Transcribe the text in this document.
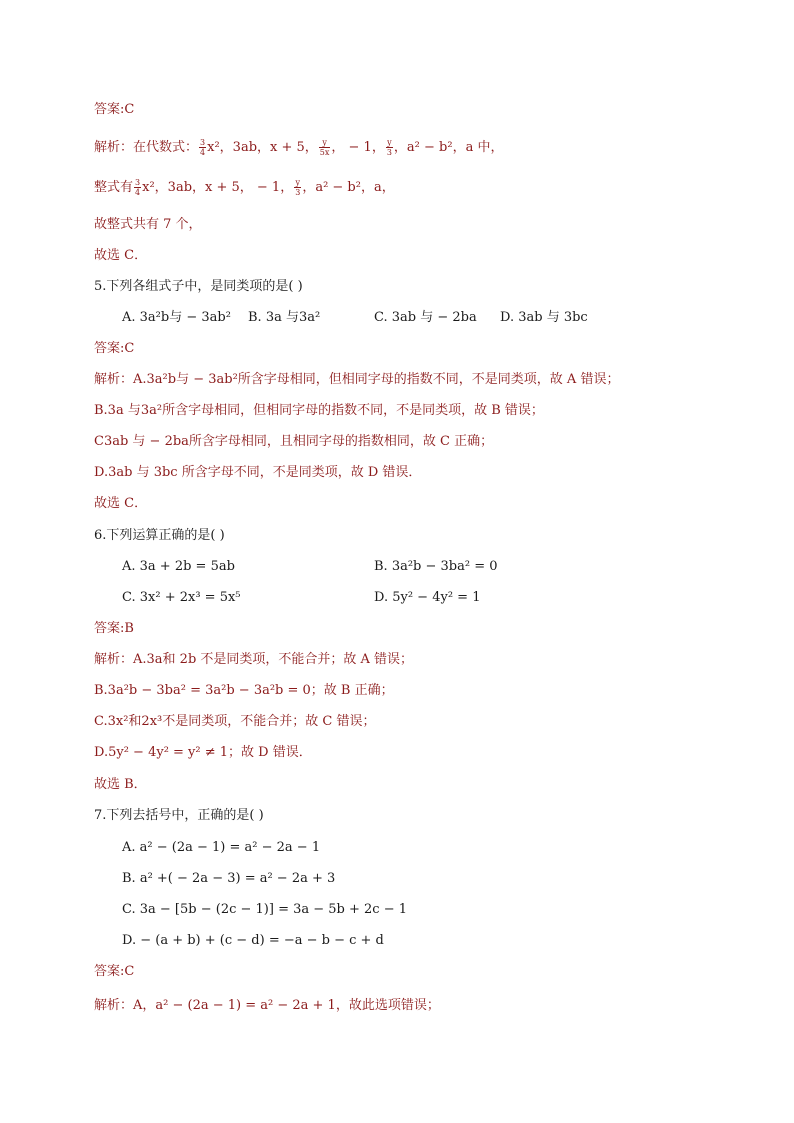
答案:C
解析：在代数式： $\frac{3}{4} x^2$，3ab，x + 5， $\frac{y}{5x}$ ， − 1， $\frac{y}{3}$ ，a² − b²，a 中，
整式有 $\frac{3}{4} x^2$，3ab，x + 5， − 1， $\frac{y}{3}$ ，a² − b²，a，
故整式共有 7 个，
故选 C．
5.下列各组式子中，是同类项的是( )
A. 3a²b与 − 3ab² B. 3a 与3a²	C. 3ab 与 − 2ba D. 3ab 与 3bc
答案:C
解析：A.3a²b与 − 3ab²所含字母相同，但相同字母的指数不同，不是同类项，故 A 错误；
B.3a 与3a²所含字母相同，但相同字母的指数不同，不是同类项，故 B 错误；
C3ab 与 − 2ba所含字母相同，且相同字母的指数相同，故 C 正确；
D.3ab 与 3bc 所含字母不同，不是同类项，故 D 错误．
故选 C．
6.下列运算正确的是( )
A. 3a + 2b = 5ab	B. 3a²b − 3ba² = 0
C. 3x² + 2x³ = 5x⁵	D. 5y² − 4y² = 1
答案:B
解析：A.3a和 2b 不是同类项，不能合并；故 A 错误；
B.3a²b − 3ba² = 3a²b − 3a²b = 0；故 B 正确；
C.3x²和2x³不是同类项，不能合并；故 C 错误；
D.5y² − 4y² = y² ≠ 1；故 D 错误．
故选 B．
7.下列去括号中，正确的是( )
A. a² − (2a − 1) = a² − 2a − 1
B. a² +( − 2a − 3) = a² − 2a + 3
C. 3a − [5b − (2c − 1)] = 3a − 5b + 2c − 1
D. − (a + b) + (c − d) = −a − b − c + d
答案:C
解析：A，a² − (2a − 1) = a² − 2a + 1，故此选项错误；
